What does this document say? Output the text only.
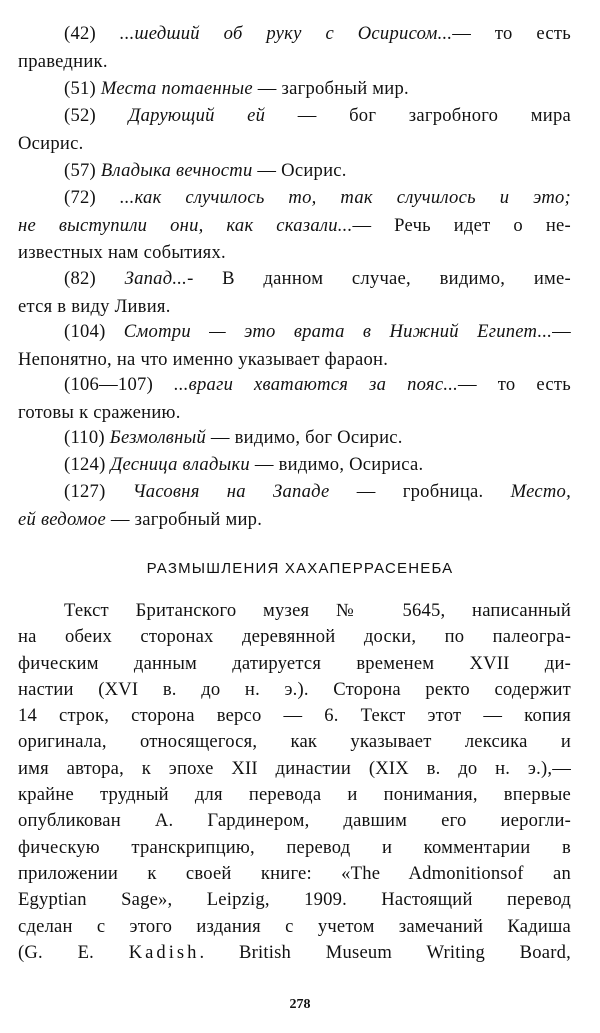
(42) ...шедший об руку с Осирисом...— то есть
праведник.
(51) Места потаенные — загробный мир.
(52) Дарующий ей — бог загробного мира
Осирис.
(57) Владыка вечности — Осирис.
(72) ...как случилось то, так случилось и это;
не выступили они, как сказали...— Речь идет о не-
известных нам событиях.
(82) Запад...- В данном случае, видимо, име-
ется в виду Ливия.
(104) Смотри — это врата в Нижний Египет...—
Непонятно, на что именно указывает фараон.
(106—107) ...враги хватаются за пояс...— то есть
готовы к сражению.
(110) Безмолвный — видимо, бог Осирис.
(124) Десница владыки — видимо, Осириса.
(127) Часовня на Западе — гробница. Место,
ей ведомое — загробный мир.
РАЗМЫШЛЕНИЯ ХАХАПЕРРАСЕНЕБА
Текст Британского музея № 5645, написанный
на обеих сторонах деревянной доски, по палеогра-
фическим данным датируется временем XVII ди-
настии (XVI в. до н. э.). Сторона ректо содержит
14 строк, сторона версо — 6. Текст этот — копия
оригинала, относящегося, как указывает лексика и
имя автора, к эпохе XII династии (XIX в. до н. э.),—
крайне трудный для перевода и понимания, впервые
опубликован А. Гардинером, давшим его иерогли-
фическую транскрипцию, перевод и комментарии в
приложении к своей книге: «The Admonitionsof an
Egyptian Sage», Leipzig, 1909. Настоящий перевод
сделан с этого издания с учетом замечаний Кадиша
(G. E. Kadish. British Museum Writing Board,
278
